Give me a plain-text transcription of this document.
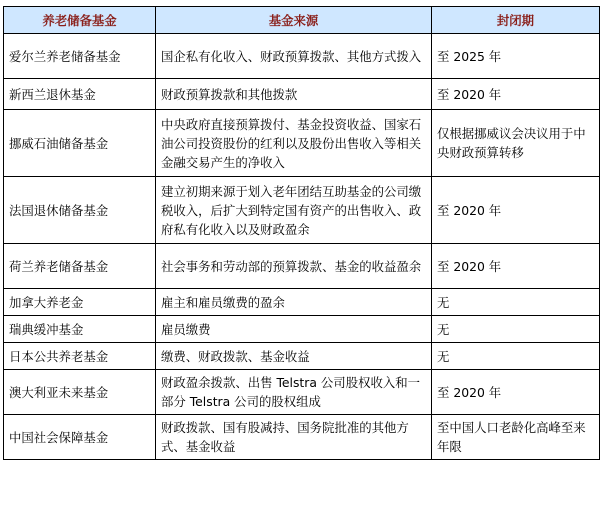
养老储备基金	基金来源	封闭期
爱尔兰养老储备基金	国企私有化收入、财政预算拨款、其他方式拨入	至 2025 年
新西兰退休基金	财政预算拨款和其他拨款	至 2020 年
挪威石油储备基金	中央政府直接预算拨付、基金投资收益、国家石油公司投资股份的红利以及股份出售收入等相关金融交易产生的净收入	仅根据挪威议会决议用于中央财政预算转移
法国退休储备基金	建立初期来源于划入老年团结互助基金的公司缴税收入，后扩大到特定国有资产的出售收入、政府私有化收入以及财政盈余	至 2020 年
荷兰养老储备基金	社会事务和劳动部的预算拨款、基金的收益盈余	至 2020 年
加拿大养老金	雇主和雇员缴费的盈余	无
瑞典缓冲基金	雇员缴费	无
日本公共养老基金	缴费、财政拨款、基金收益	无
澳大利亚未来基金	财政盈余拨款、出售 Telstra 公司股权收入和一部分 Telstra 公司的股权组成	至 2020 年
中国社会保障基金	财政拨款、国有股减持、国务院批准的其他方式、基金收益	至中国人口老龄化高峰至来年限
